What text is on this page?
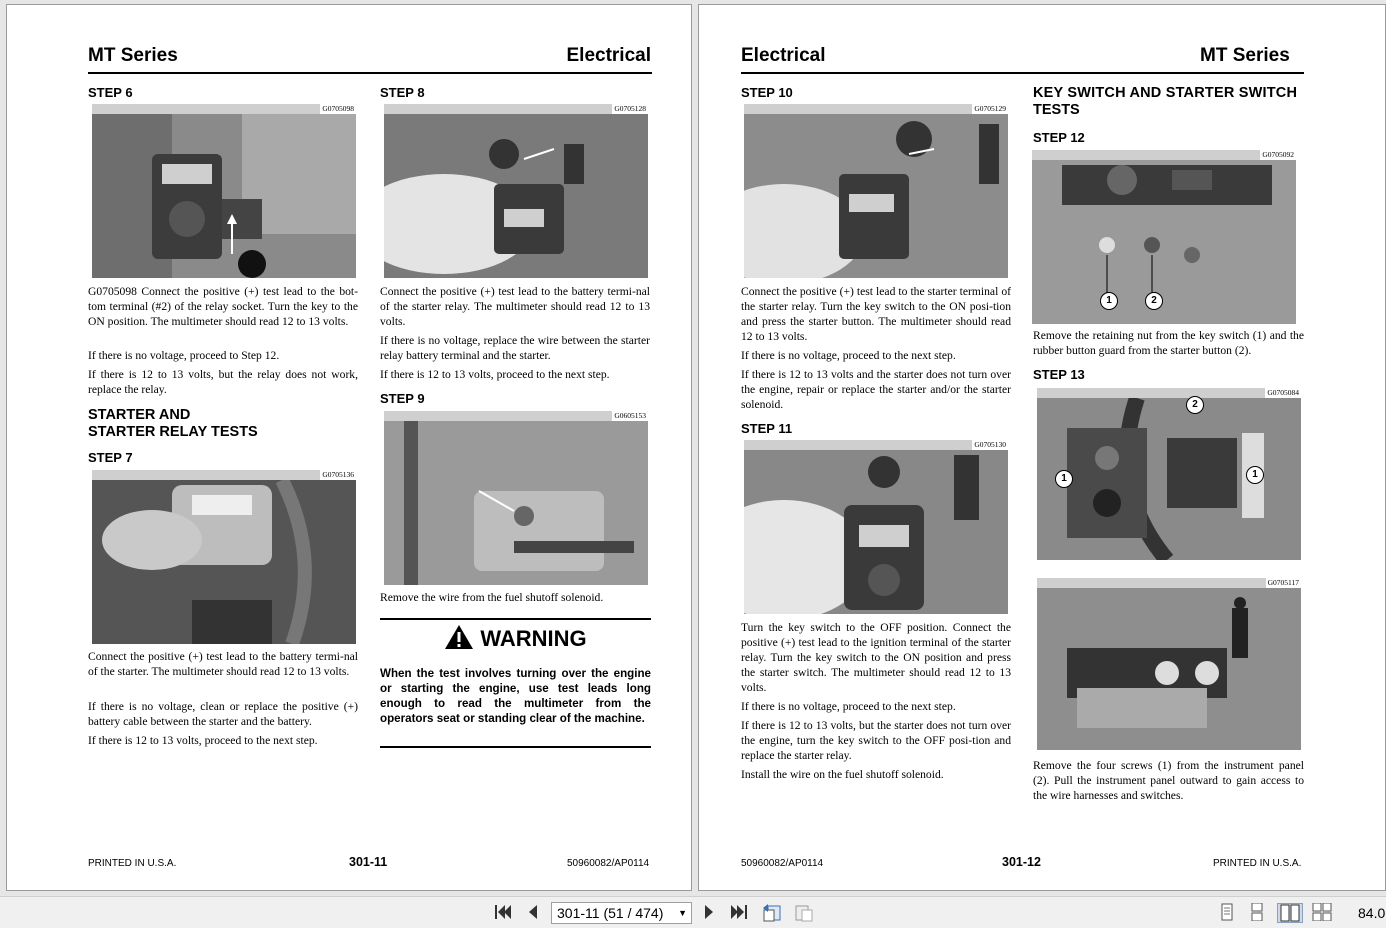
MT Series	Electrical
STEP 6
G0705098
G0705098 Connect the positive (+) test lead to the bot-tom terminal (#2) of the relay socket. Turn the key to the ON position. The multimeter should read 12 to 13 volts.
If there is no voltage, proceed to Step 12.
If there is 12 to 13 volts, but the relay does not work, replace the relay.
STARTER AND
STARTER RELAY TESTS
STEP 7
G0705136
Connect the positive (+) test lead to the battery termi-nal of the starter. The multimeter should read 12 to 13 volts.
If there is no voltage, clean or replace the positive (+) battery cable between the starter and the battery.
If there is 12 to 13 volts, proceed to the next step.
STEP 8
G0705128
Connect the positive (+) test lead to the battery termi-nal of the starter relay. The multimeter should read 12 to 13 volts.
If there is no voltage, replace the wire between the starter relay battery terminal and the starter.
If there is 12 to 13 volts, proceed to the next step.
STEP 9
G0605153
Remove the wire from the fuel shutoff solenoid.
WARNING
When the test involves turning over the engine or starting the engine, use test leads long enough to read the multimeter from the operators seat or standing clear of the machine.
PRINTED IN U.S.A.	301-11	50960082/AP0114
Electrical	MT Series
STEP 10
G0705129
Connect the positive (+) test lead to the starter terminal of the starter relay. Turn the key switch to the ON posi-tion and press the starter button. The multimeter should read 12 to 13 volts.
If there is no voltage, proceed to the next step.
If there is 12 to 13 volts and the starter does not turn over the engine, repair or replace the starter and/or the starter solenoid.
STEP 11
G0705130
Turn the key switch to the OFF position. Connect the positive (+) test lead to the ignition terminal of the starter relay. Turn the key switch to the ON position and press the starter switch. The multimeter should read 12 to 13 volts.
If there is no voltage, proceed to the next step.
If there is 12 to 13 volts, but the starter does not turn over the engine, turn the key switch to the OFF posi-tion and replace the starter relay.
Install the wire on the fuel shutoff solenoid.
KEY SWITCH AND STARTER SWITCH
TESTS
STEP 12
G0705092
1	2
Remove the retaining nut from the key switch (1) and the rubber button guard from the starter button (2).
STEP 13
G0705084
2
1	1
G0705117
Remove the four screws (1) from the instrument panel (2). Pull the instrument panel outward to gain access to the wire harnesses and switches.
50960082/AP0114	301-12	PRINTED IN U.S.A.
301-11 (51 / 474) ▼	84.0
